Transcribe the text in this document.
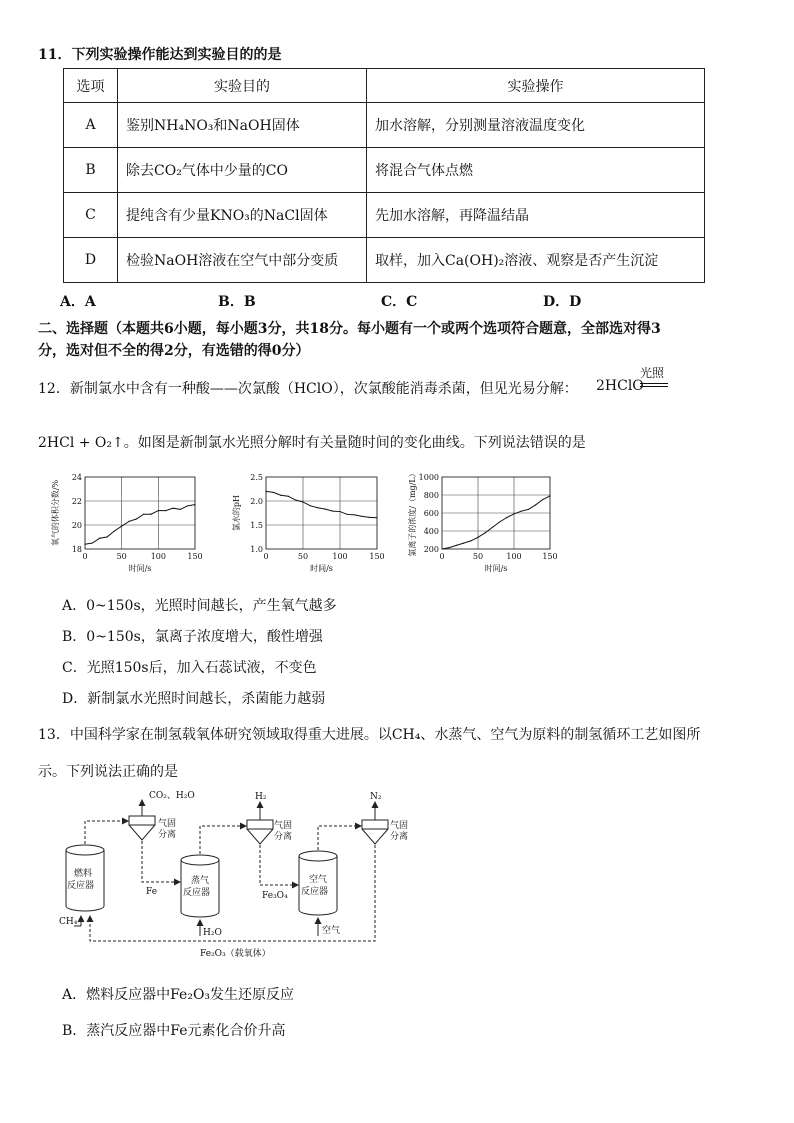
11．下列实验操作能达到实验目的的是
选项	实验目的	实验操作
A	鉴别NH₄NO₃和NaOH固体	加水溶解，分别测量溶液温度变化
B	除去CO₂气体中少量的CO	将混合气体点燃
C	提纯含有少量KNO₃的NaCl固体	先加水溶解，再降温结晶
D	检验NaOH溶液在空气中部分变质	取样，加入Ca(OH)₂溶液、观察是否产生沉淀
A．A	B．B	C．C	D．D
二、选择题（本题共6小题，每小题3分，共18分。每小题有一个或两个选项符合题意，全部选对得3
分，选对但不全的得2分，有选错的得0分）
12．新制氯水中含有一种酸——次氯酸（HClO），次氯酸能消毒杀菌，但见光易分解：
光照
2HClO
2HCl + O₂↑。如图是新制氯水光照分解时有关量随时间的变化曲线。下列说法错误的是
18
20
22
24
0	50	100	150
时间/s
氧气的体积分数/%
1.0
1.5
2.0
2.5
0	50	100	150
时间/s
氯水的pH
200
400
600
800
1000
0	50	100	150
时间/s
氯离子的浓度/（mg/L）
A．0~150s，光照时间越长，产生氧气越多
B．0~150s，氯离子浓度增大，酸性增强
C．光照150s后，加入石蕊试液，不变色
D．新制氯水光照时间越长，杀菌能力越弱
13．中国科学家在制氢载氧体研究领域取得重大进展。以CH₄、水蒸气、空气为原料的制氢循环工艺如图所
示。下列说法正确的是
燃料反应器	蒸气反应器
空气反应器
CO₂、H₂O	H₂	N₂
气固分离
气固分离
气固分离
Fe	Fe₃O₄
H₂O	空气
CH₄
Fe₂O₃（载氧体）
A．燃料反应器中Fe₂O₃发生还原反应
B．蒸汽反应器中Fe元素化合价升高
